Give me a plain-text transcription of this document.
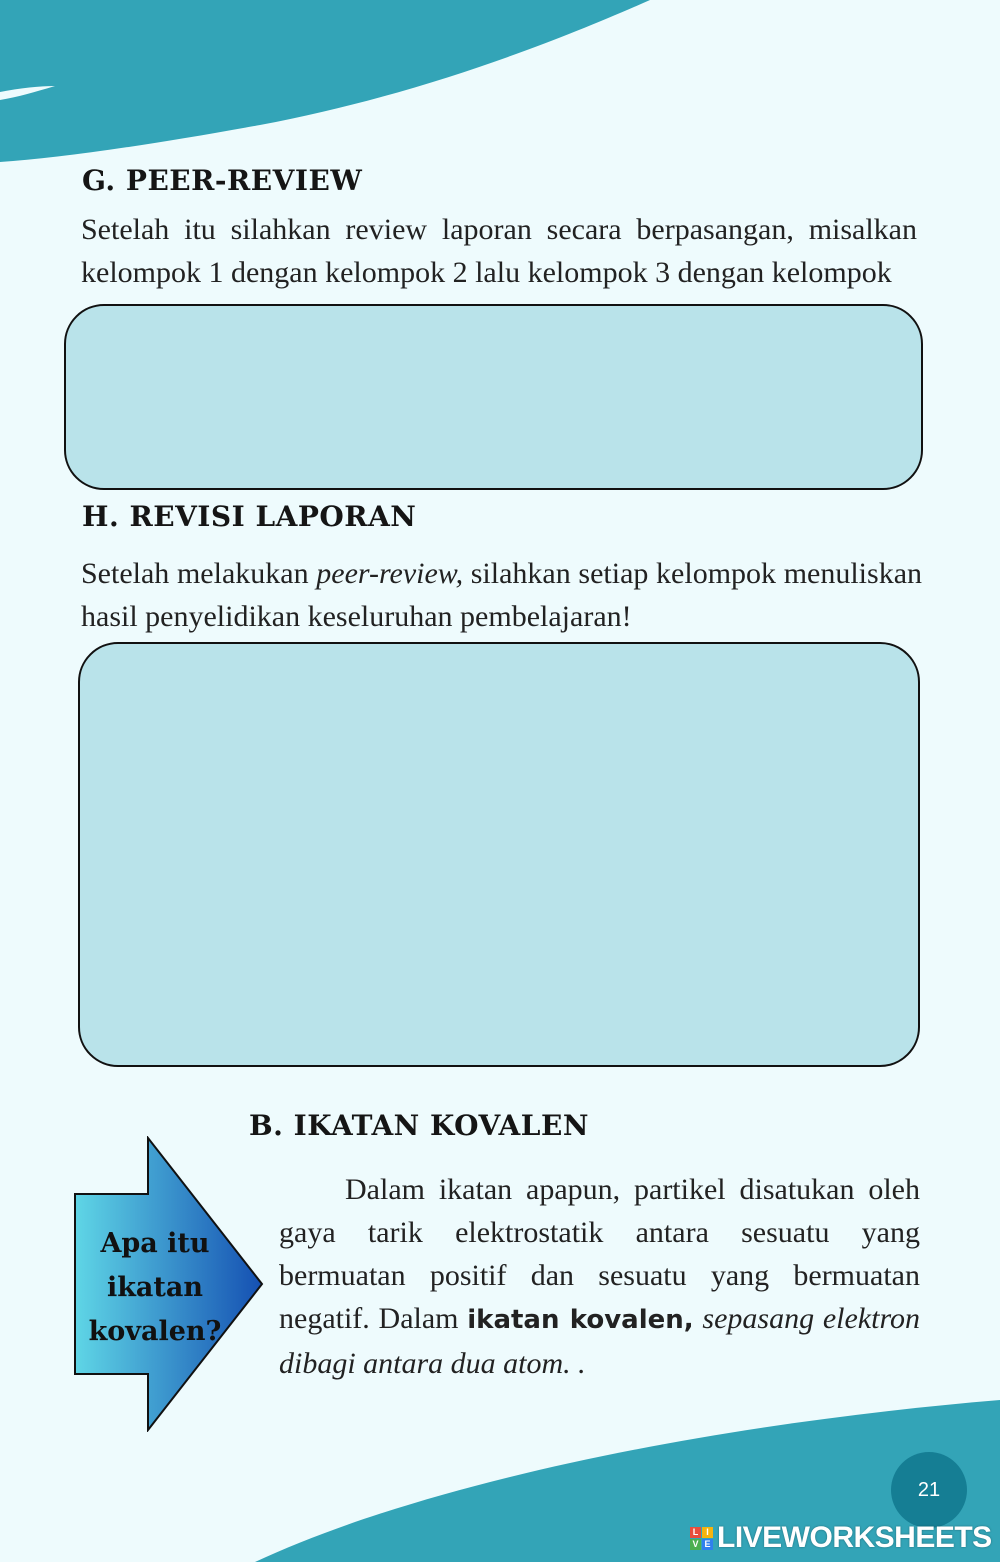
G. PEER-REVIEW

Setelah itu silahkan review laporan secara berpasangan, misalkan kelompok 1 dengan kelompok 2 lalu kelompok 3 dengan kelompok

H. REVISI LAPORAN

Setelah melakukan peer-review, silahkan setiap kelompok menuliskan hasil penyelidikan keseluruhan pembelajaran!

B. IKATAN KOVALEN
Apa itu ikatan kovalen?

Dalam ikatan apapun, partikel disatukan oleh gaya tarik elektrostatik antara sesuatu yang bermuatan positif dan sesuatu yang bermuatan negatif. Dalam ikatan kovalen, sepasang elektron dibagi antara dua atom. .

21
L I
V E LIVEWORKSHEETS
